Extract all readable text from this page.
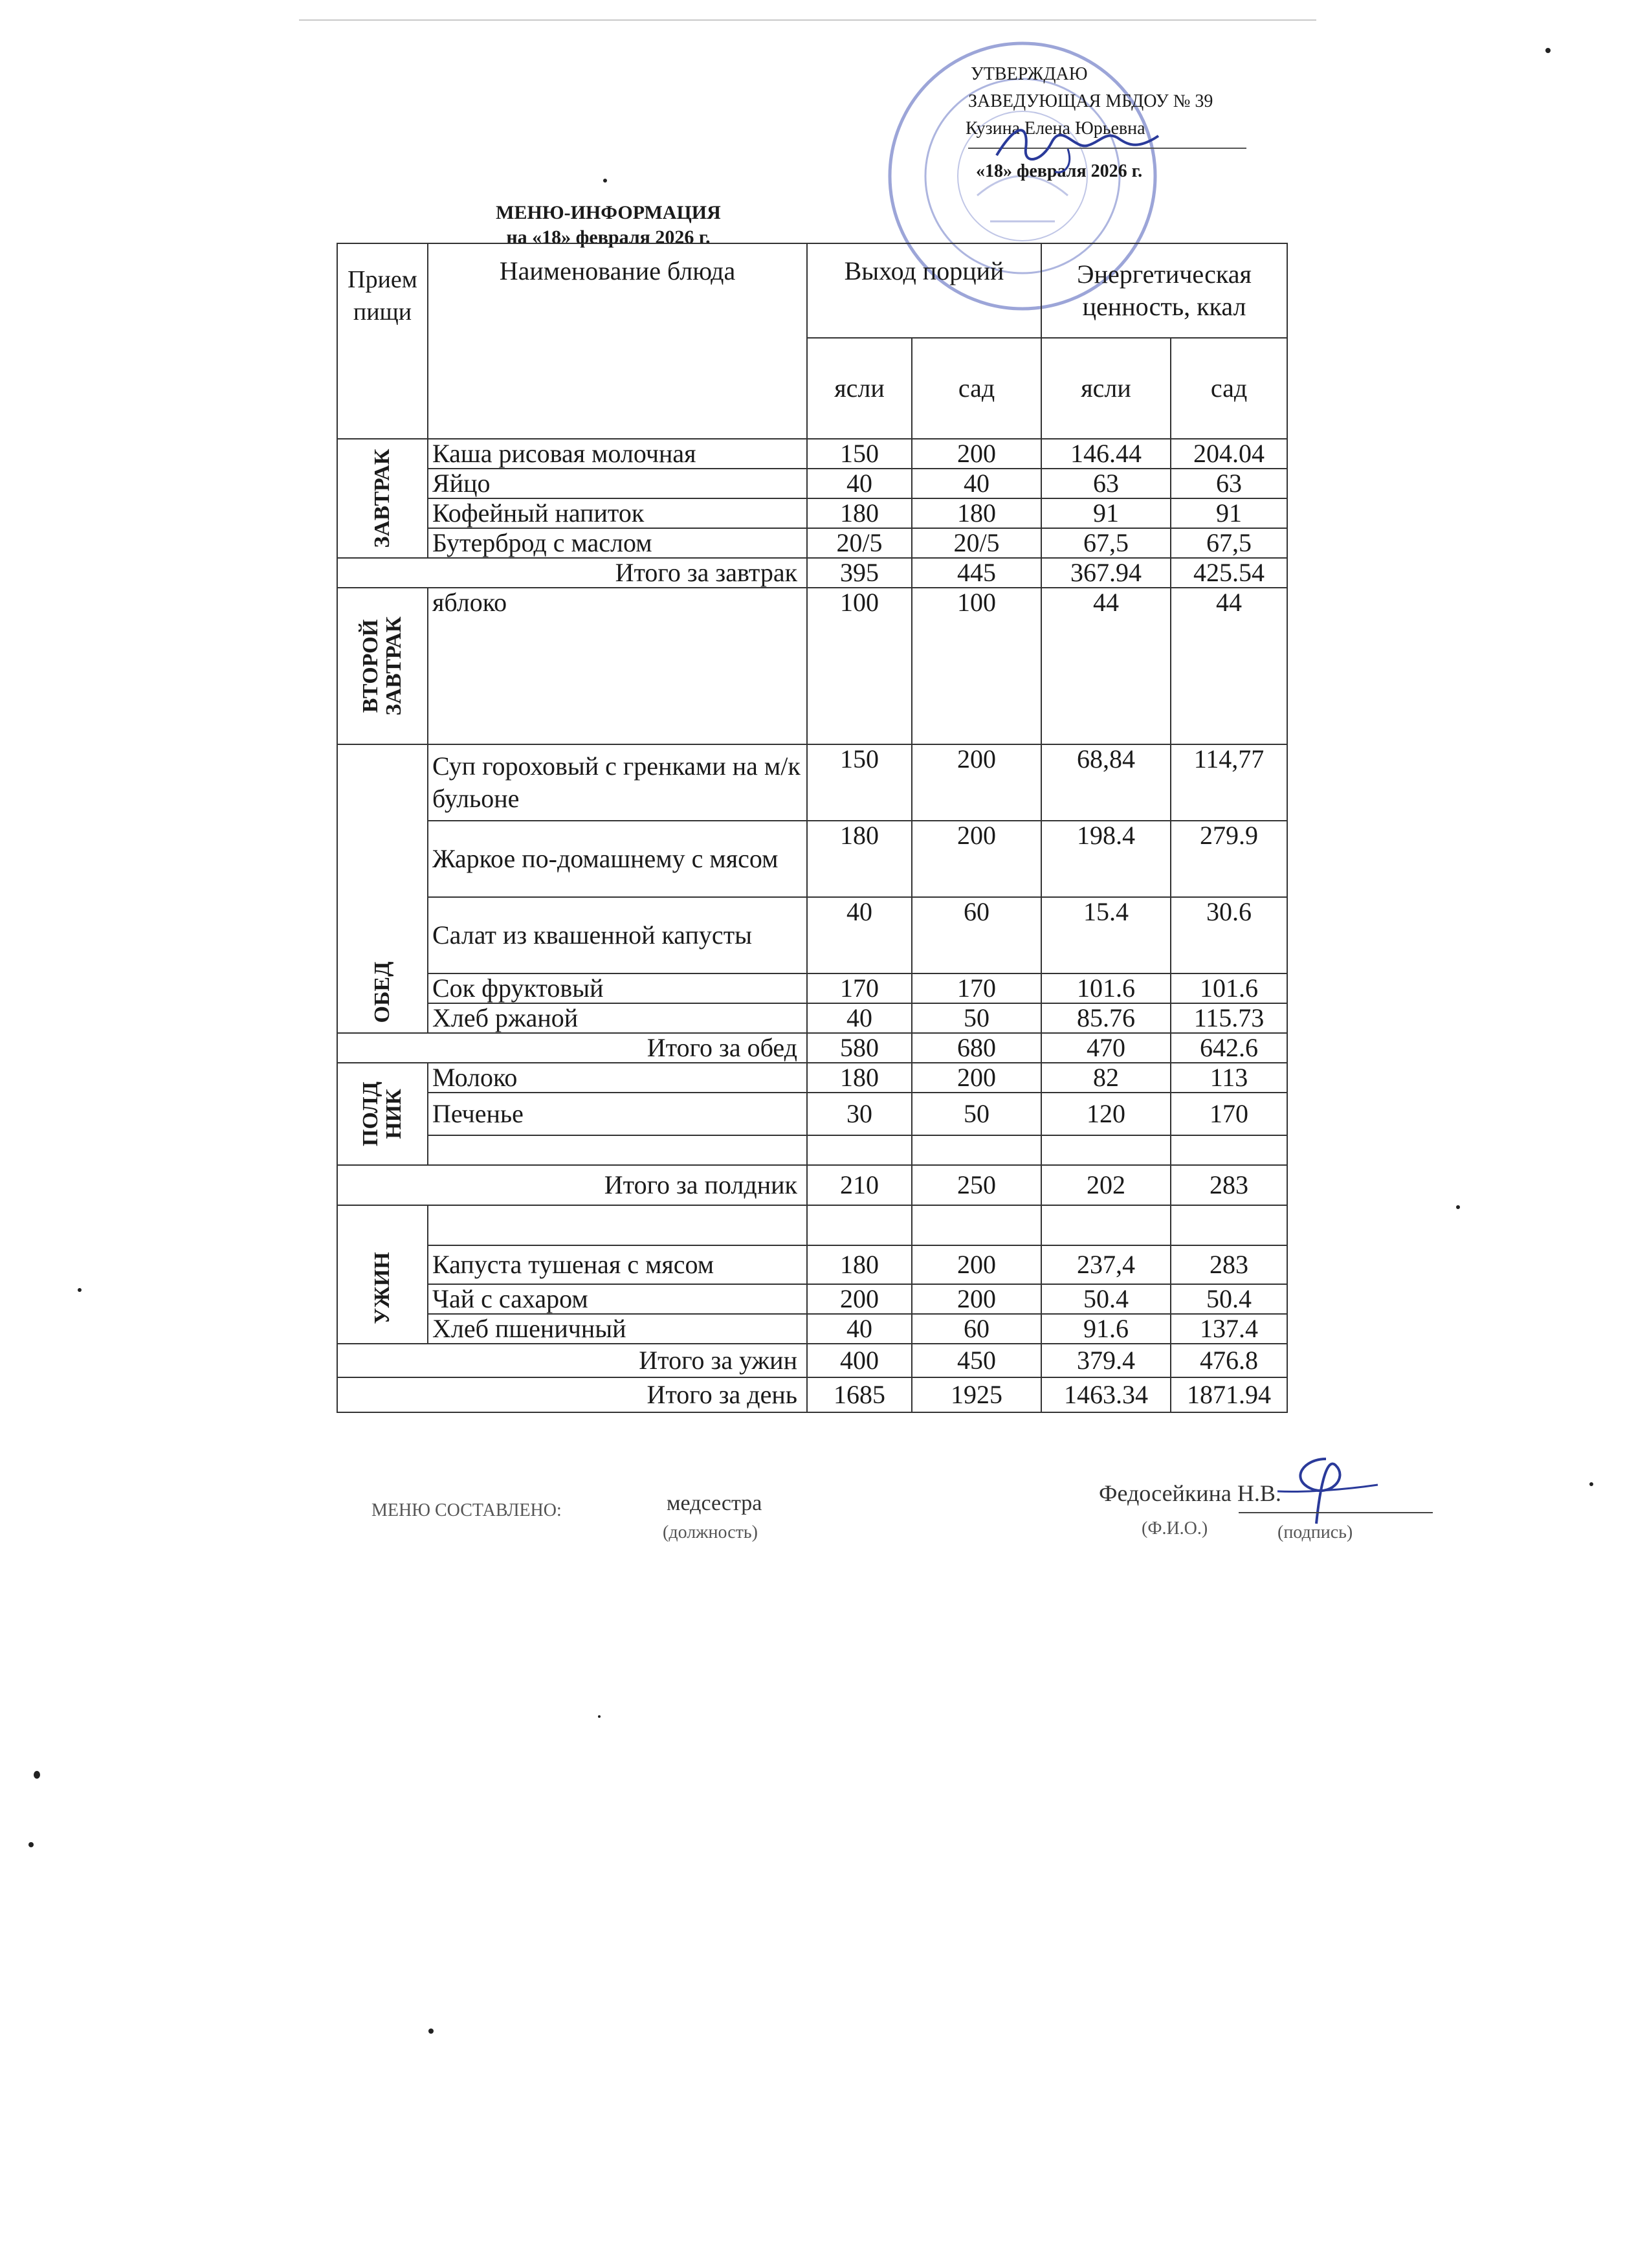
УТВЕРЖДАЮ
ЗАВЕДУЮЩАЯ МБДОУ № 39
Кузина Елена Юрьевна
«18» февраля 2026 г.
МЕНЮ-ИНФОРМАЦИЯ
на «18» февраля 2026 г.
Прием пищи	Наименование блюда	Выход порций		Энергетическая ценность, ккал	
		ясли	сад	ясли	сад

ЗАВТРАК	Каша рисовая молочная	150	200	146.44	204.04
	Яйцо	40	40	63	63
	Кофейный напиток	180	180	91	91
	Бутерброд с маслом	20/5	20/5	67,5	67,5
Итого за завтрак		395	445	367.94	425.54

ВТОРОЙ
ЗАВТРАК	яблоко	100	100	44	44

ОБЕД	Суп гороховый с гренками на м/к бульоне	150	200	68,84	114,77
	Жаркое по-домашнему с мясом	180	200	198.4	279.9
	Салат из квашенной капусты	40	60	15.4	30.6
	Сок фруктовый	170	170	101.6	101.6
	Хлеб ржаной	40	50	85.76	115.73
Итого за обед		580	680	470	642.6

ПОЛД
НИК	Молоко	180	200	82	113
	Печенье	30	50	120	170

Итого за полдник		210	250	202	283

УЖИН					

	Капуста тушеная с мясом	180	200	237,4	283
	Чай с сахаром	200	200	50.4	50.4
	Хлеб пшеничный	40	60	91.6	137.4
Итого за ужин		400	450	379.4	476.8
Итого за день		1685	1925	1463.34	1871.94
МЕНЮ СОСТАВЛЕНО:	медсестра
(должность)	(подпись)
Федосейкина Н.В.
(Ф.И.О.)
